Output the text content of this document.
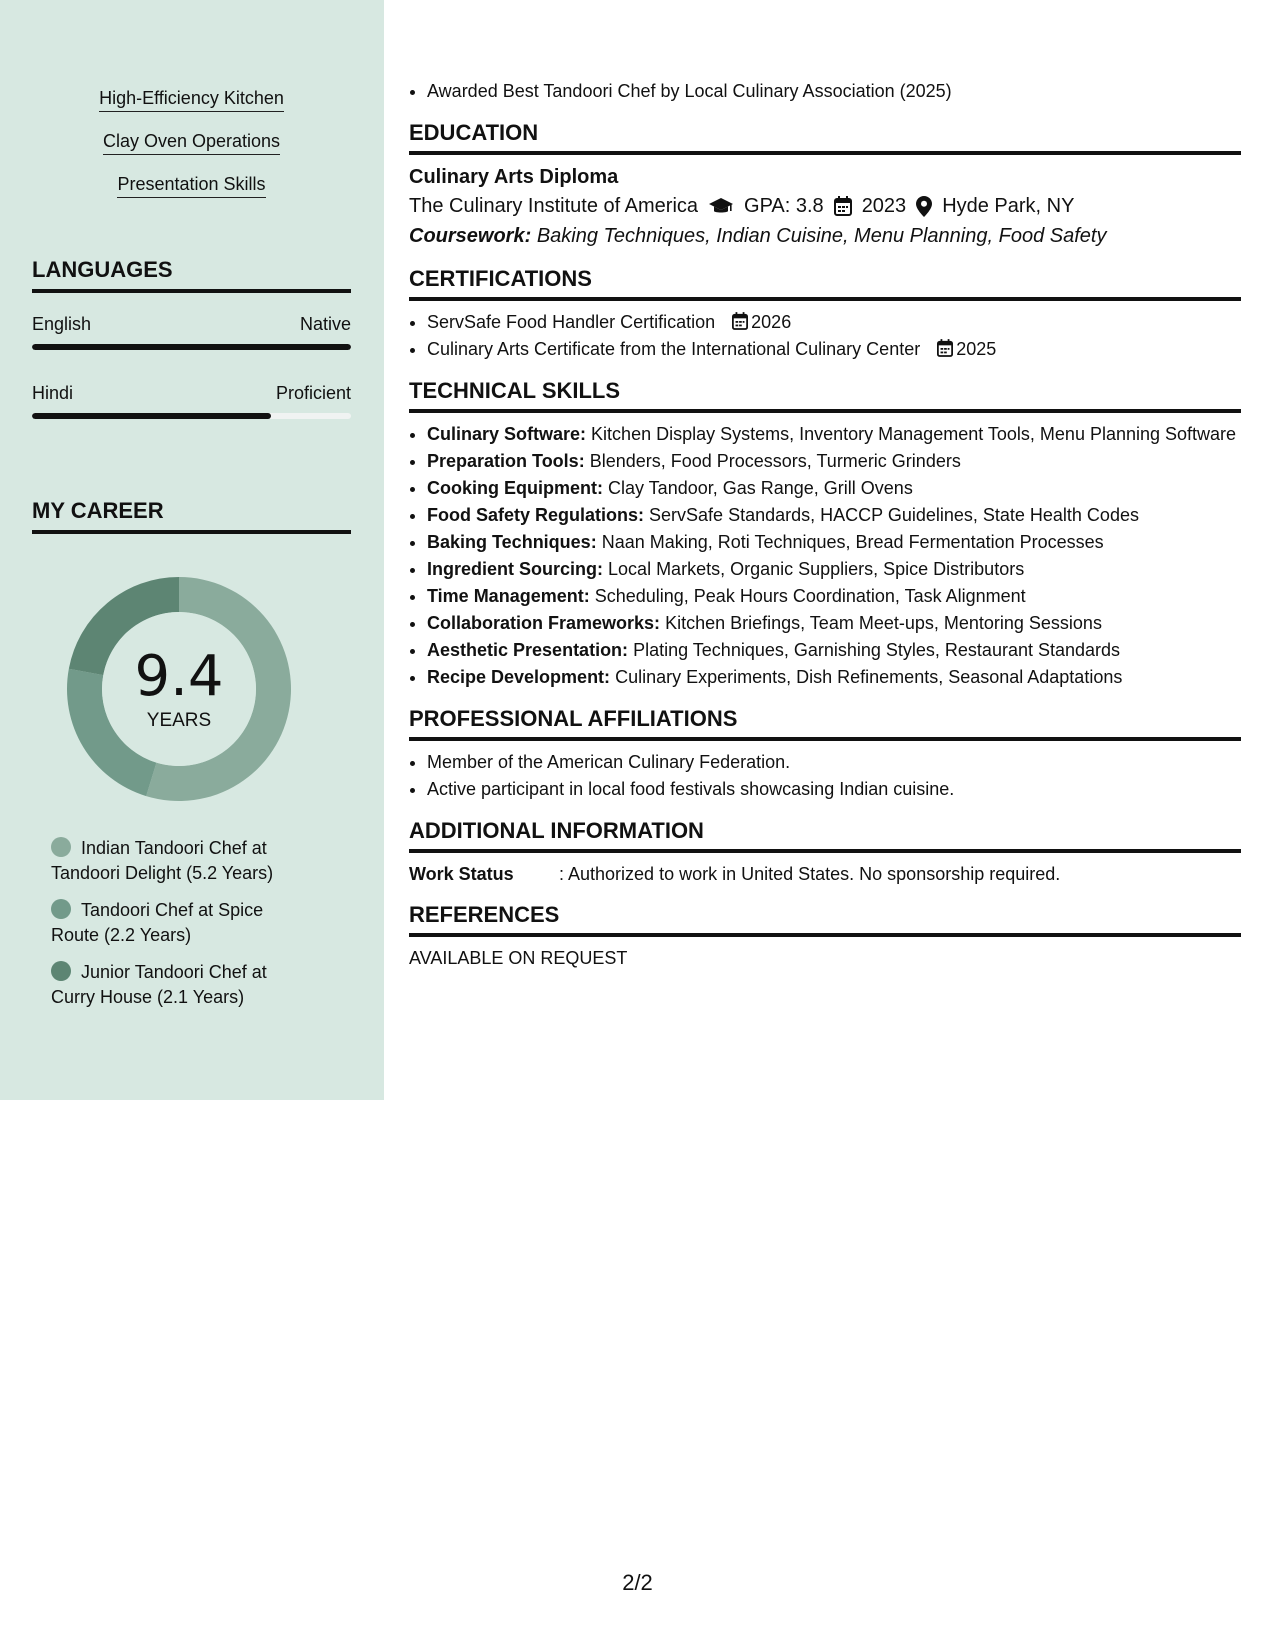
High-Efficiency Kitchen
Clay Oven Operations
Presentation Skills
LANGUAGES
English	Native
Hindi	Proficient
MY CAREER
9.4
YEARS
Indian Tandoori Chef at Tandoori Delight (5.2 Years)
Tandoori Chef at Spice Route (2.2 Years)
Junior Tandoori Chef at Curry House (2.1 Years)
• Awarded Best Tandoori Chef by Local Culinary Association (2025)
EDUCATION
Culinary Arts Diploma
The Culinary Institute of America GPA: 3.8 2023 Hyde Park, NY
Coursework: Baking Techniques, Indian Cuisine, Menu Planning, Food Safety
CERTIFICATIONS
• ServSafe Food Handler Certification 2026
• Culinary Arts Certificate from the International Culinary Center 2025
TECHNICAL SKILLS
• Culinary Software: Kitchen Display Systems, Inventory Management Tools, Menu Planning Software
• Preparation Tools: Blenders, Food Processors, Turmeric Grinders
• Cooking Equipment: Clay Tandoor, Gas Range, Grill Ovens
• Food Safety Regulations: ServSafe Standards, HACCP Guidelines, State Health Codes
• Baking Techniques: Naan Making, Roti Techniques, Bread Fermentation Processes
• Ingredient Sourcing: Local Markets, Organic Suppliers, Spice Distributors
• Time Management: Scheduling, Peak Hours Coordination, Task Alignment
• Collaboration Frameworks: Kitchen Briefings, Team Meet-ups, Mentoring Sessions
• Aesthetic Presentation: Plating Techniques, Garnishing Styles, Restaurant Standards
• Recipe Development: Culinary Experiments, Dish Refinements, Seasonal Adaptations
PROFESSIONAL AFFILIATIONS
• Member of the American Culinary Federation.
• Active participant in local food festivals showcasing Indian cuisine.
ADDITIONAL INFORMATION
Work Status	: Authorized to work in United States. No sponsorship required.
REFERENCES
AVAILABLE ON REQUEST
2/2
